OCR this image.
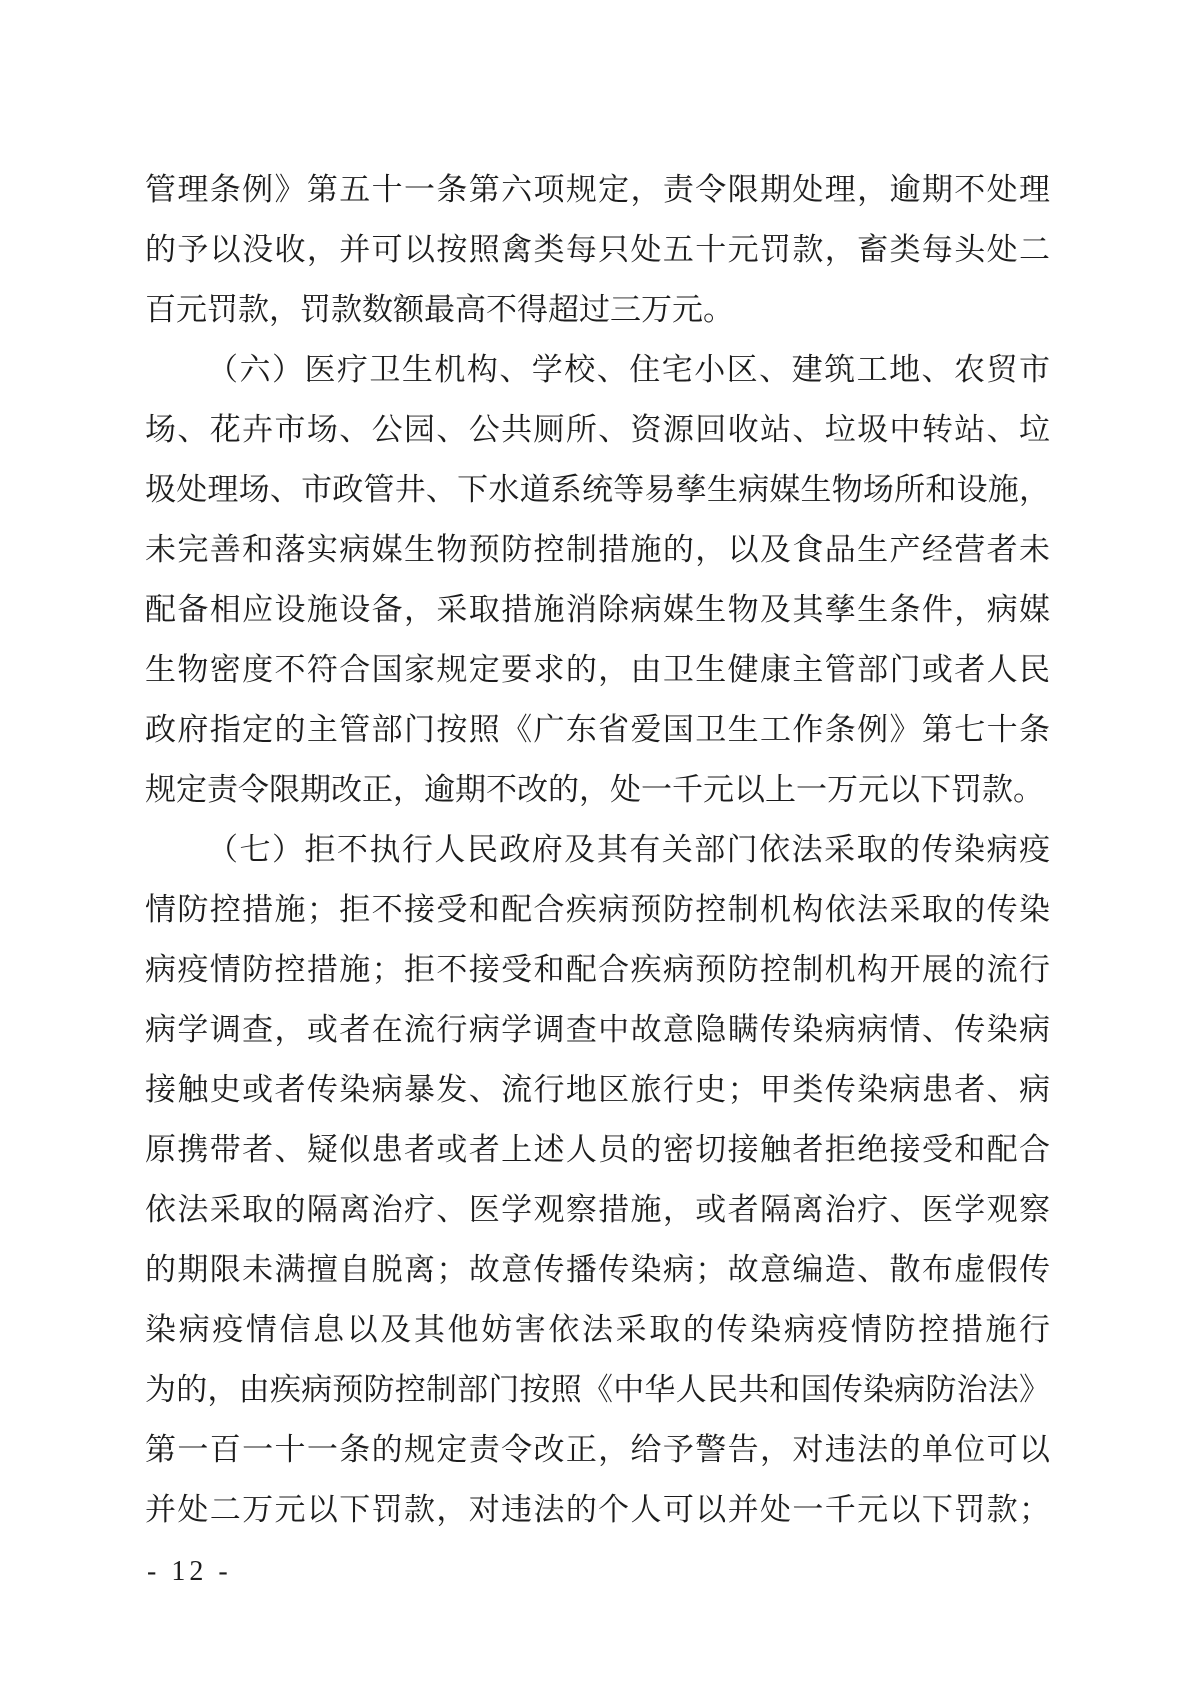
管理条例》第五十一条第六项规定，责令限期处理，逾期不处理
的予以没收，并可以按照禽类每只处五十元罚款，畜类每头处二
百元罚款，罚款数额最高不得超过三万元。
（六）医疗卫生机构、学校、住宅小区、建筑工地、农贸市
场、花卉市场、公园、公共厕所、资源回收站、垃圾中转站、垃
圾处理场、市政管井、下水道系统等易孳生病媒生物场所和设施，
未完善和落实病媒生物预防控制措施的，以及食品生产经营者未
配备相应设施设备，采取措施消除病媒生物及其孳生条件，病媒
生物密度不符合国家规定要求的，由卫生健康主管部门或者人民
政府指定的主管部门按照《广东省爱国卫生工作条例》第七十条
规定责令限期改正，逾期不改的，处一千元以上一万元以下罚款。
（七）拒不执行人民政府及其有关部门依法采取的传染病疫
情防控措施；拒不接受和配合疾病预防控制机构依法采取的传染
病疫情防控措施；拒不接受和配合疾病预防控制机构开展的流行
病学调查，或者在流行病学调查中故意隐瞒传染病病情、传染病
接触史或者传染病暴发、流行地区旅行史；甲类传染病患者、病
原携带者、疑似患者或者上述人员的密切接触者拒绝接受和配合
依法采取的隔离治疗、医学观察措施，或者隔离治疗、医学观察
的期限未满擅自脱离；故意传播传染病；故意编造、散布虚假传
染病疫情信息以及其他妨害依法采取的传染病疫情防控措施行
为的，由疾病预防控制部门按照《中华人民共和国传染病防治法》
第一百一十一条的规定责令改正，给予警告，对违法的单位可以
并处二万元以下罚款，对违法的个人可以并处一千元以下罚款；
- 12 -
